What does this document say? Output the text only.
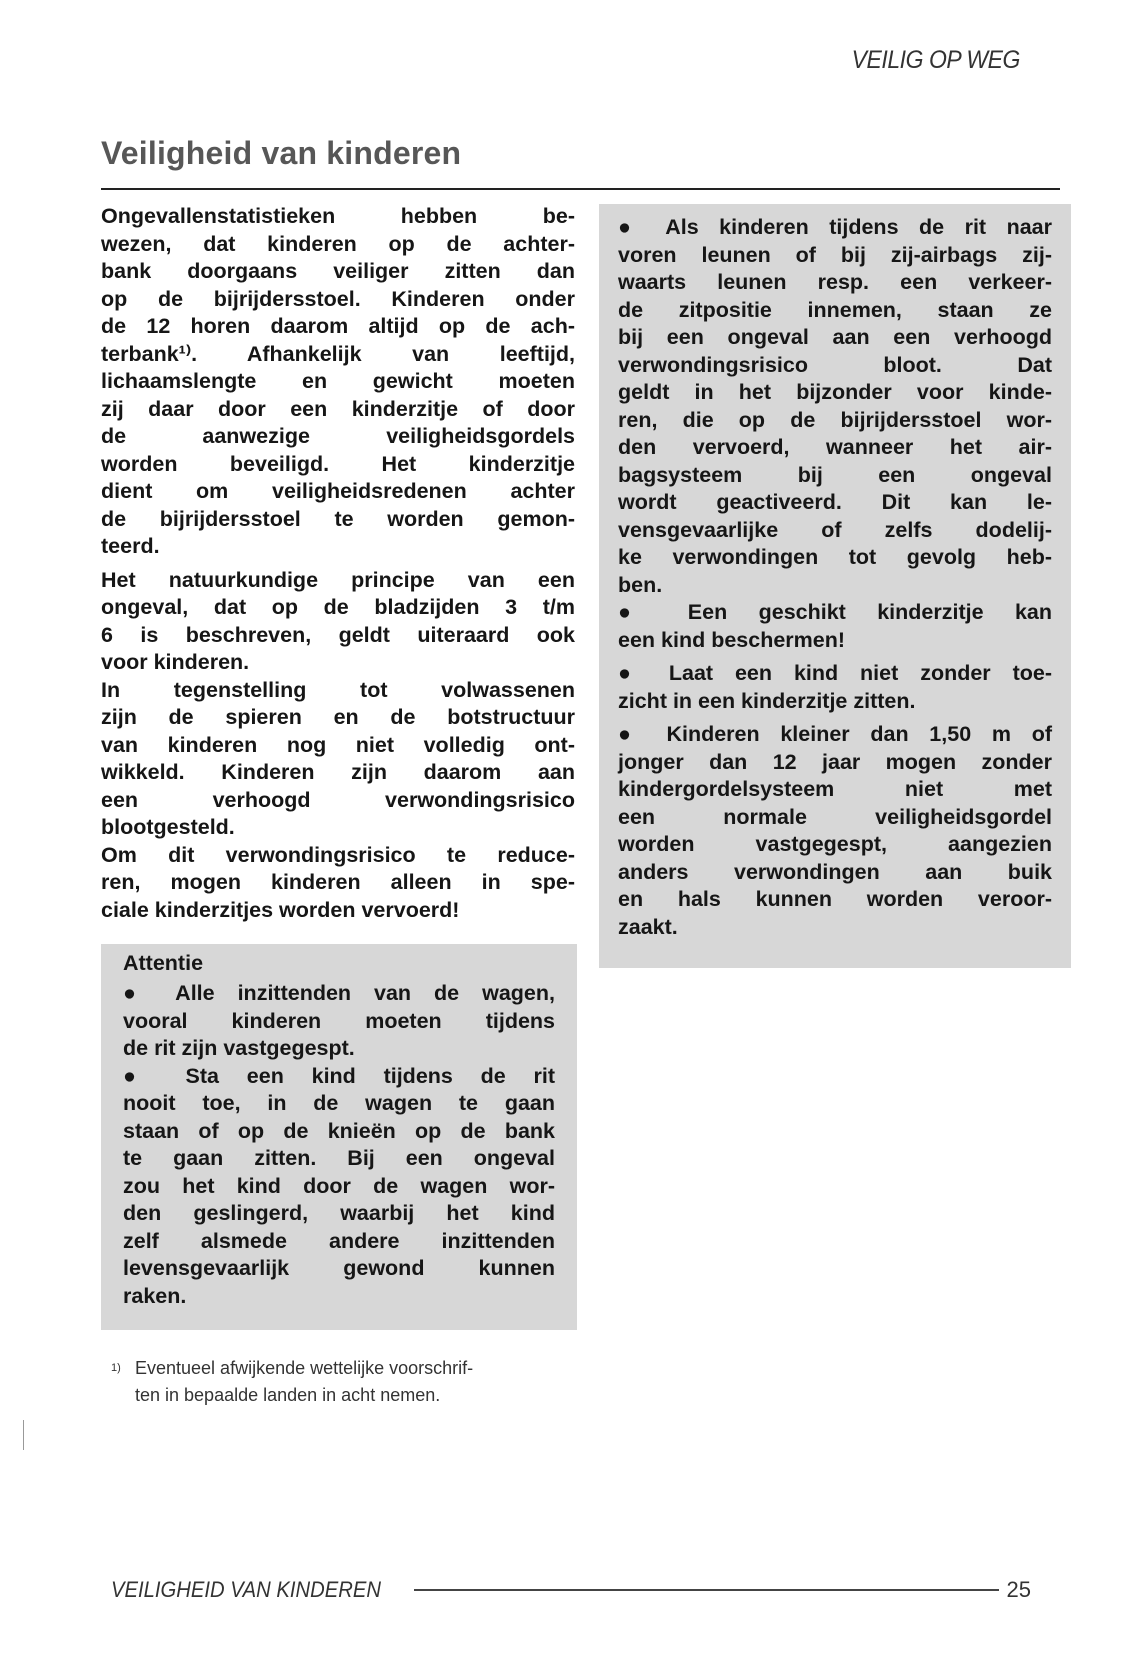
VEILIG OP WEG
Veiligheid van kinderen
Ongevallenstatistieken hebben be-
wezen, dat kinderen op de achter-
bank doorgaans veiliger zitten dan
op de bijrijdersstoel. Kinderen onder
de 12 horen daarom altijd op de ach-
terbank¹⁾. Afhankelijk van leeftijd,
lichaamslengte en gewicht moeten
zij daar door een kinderzitje of door
de aanwezige veiligheidsgordels
worden beveiligd. Het kinderzitje
dient om veiligheidsredenen achter
de bijrijdersstoel te worden gemon-
teerd.
Het natuurkundige principe van een
ongeval, dat op de bladzijden 3 t/m
6 is beschreven, geldt uiteraard ook
voor kinderen.
In tegenstelling tot volwassenen
zijn de spieren en de botstructuur
van kinderen nog niet volledig ont-
wikkeld. Kinderen zijn daarom aan
een verhoogd verwondingsrisico
blootgesteld.
Om dit verwondingsrisico te reduce-
ren, mogen kinderen alleen in spe-
ciale kinderzitjes worden vervoerd!
Attentie
● Alle inzittenden van de wagen,
vooral kinderen moeten tijdens
de rit zijn vastgegespt.
● Sta een kind tijdens de rit
nooit toe, in de wagen te gaan
staan of op de knieën op de bank
te gaan zitten. Bij een ongeval
zou het kind door de wagen wor-
den geslingerd, waarbij het kind
zelf alsmede andere inzittenden
levensgevaarlijk gewond kunnen
raken.
● Als kinderen tijdens de rit naar
voren leunen of bij zij-airbags zij-
waarts leunen resp. een verkeer-
de zitpositie innemen, staan ze
bij een ongeval aan een verhoogd
verwondingsrisico bloot. Dat
geldt in het bijzonder voor kinde-
ren, die op de bijrijdersstoel wor-
den vervoerd, wanneer het air-
bagsysteem bij een ongeval
wordt geactiveerd. Dit kan le-
vensgevaarlijke of zelfs dodelij-
ke verwondingen tot gevolg heb-
ben.
● Een geschikt kinderzitje kan
een kind beschermen!
● Laat een kind niet zonder toe-
zicht in een kinderzitje zitten.
● Kinderen kleiner dan 1,50 m of
jonger dan 12 jaar mogen zonder
kindergordelsysteem niet met
een normale veiligheidsgordel
worden vastgegespt, aangezien
anders verwondingen aan buik
en hals kunnen worden veroor-
zaakt.
1) Eventueel afwijkende wettelijke voorschrif-
ten in bepaalde landen in acht nemen.
VEILIGHEID VAN KINDEREN	25
